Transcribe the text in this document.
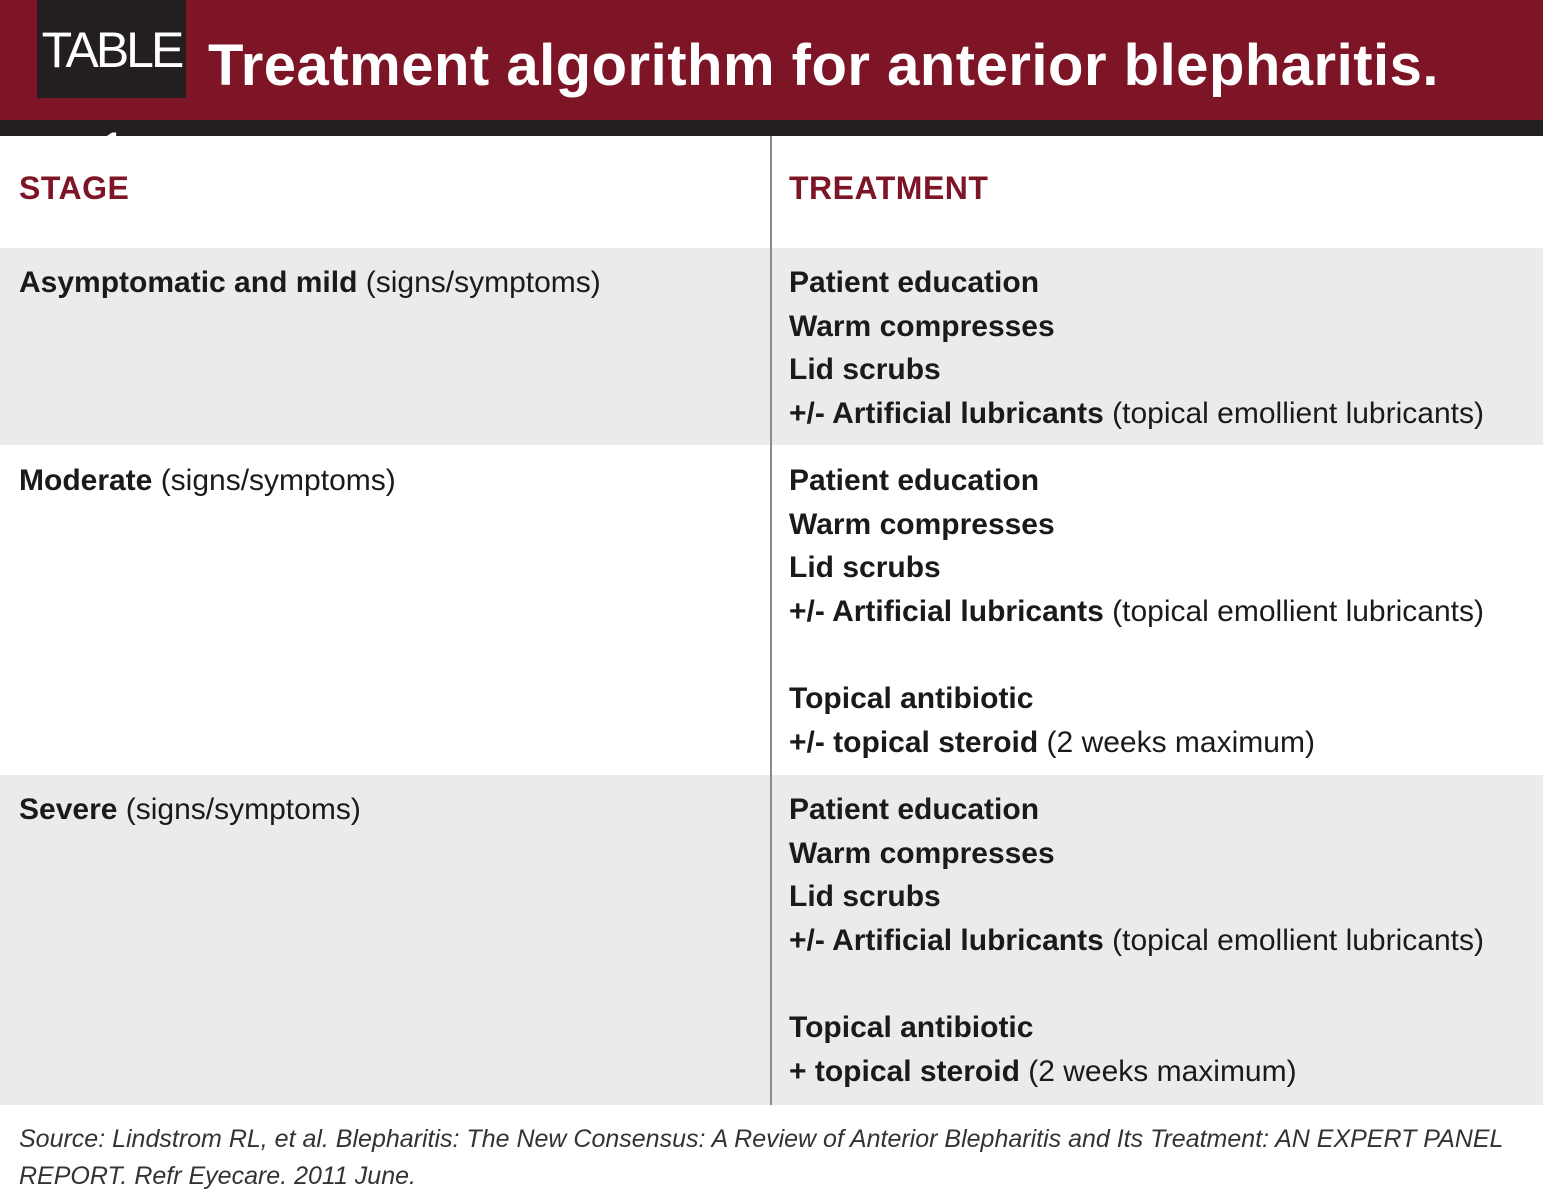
TABLE 1
Treatment algorithm for anterior blepharitis.
STAGE	TREATMENT
Asymptomatic and mild (signs/symptoms)	Patient education
Warm compresses
Lid scrubs
+/- Artificial lubricants (topical emollient lubricants)
Moderate (signs/symptoms)	Patient education
Warm compresses
Lid scrubs
+/- Artificial lubricants (topical emollient lubricants)
Topical antibiotic
+/- topical steroid (2 weeks maximum)
Severe (signs/symptoms)	Patient education
Warm compresses
Lid scrubs
+/- Artificial lubricants (topical emollient lubricants)
Topical antibiotic
+ topical steroid (2 weeks maximum)
Source: Lindstrom RL, et al. Blepharitis: The New Consensus: A Review of Anterior Blepharitis and Its Treatment: AN EXPERT PANEL REPORT. Refr Eyecare. 2011 June.
